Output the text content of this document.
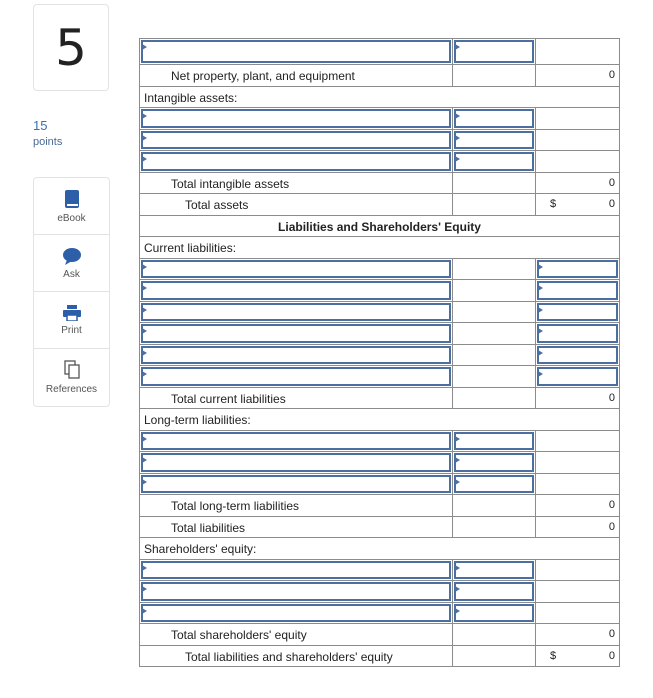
5
15
points
eBook
Ask
Print
References
Net property, plant, and equipment	0
Intangible assets:
Total intangible assets	0
Total assets	$	0
Liabilities and Shareholders' Equity
Current liabilities:
Total current liabilities	0
Long-term liabilities:
Total long-term liabilities	0
Total liabilities	0
Shareholders' equity:
Total shareholders' equity	0
Total liabilities and shareholders' equity	$	0
